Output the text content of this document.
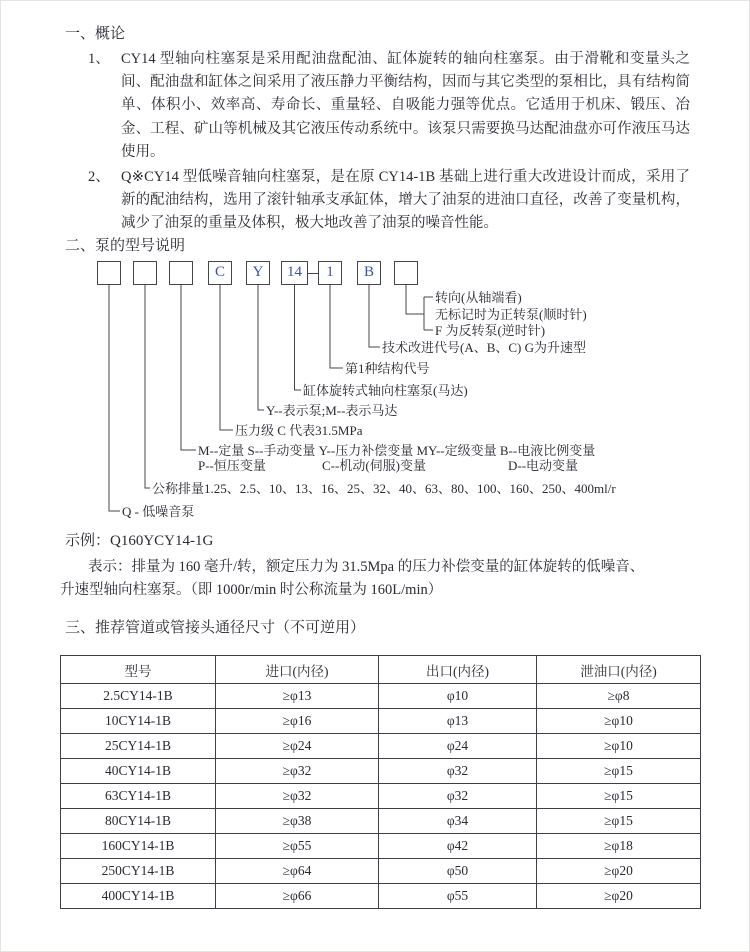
一、概论
1、 CY14 型轴向柱塞泵是采用配油盘配油、缸体旋转的轴向柱塞泵。由于滑靴和变量头之间、配油盘和缸体之间采用了液压静力平衡结构，因而与其它类型的泵相比，具有结构简单、体积小、效率高、寿命长、重量轻、自吸能力强等优点。它适用于机床、锻压、冶金、工程、矿山等机械及其它液压传动系统中。该泵只需要换马达配油盘亦可作液压马达使用。
2、 Q※CY14 型低噪音轴向柱塞泵，是在原 CY14-1B 基础上进行重大改进设计而成，采用了新的配油结构，选用了滚针轴承支承缸体，增大了油泵的进油口直径，改善了变量机构，减少了油泵的重量及体积，极大地改善了油泵的噪音性能。
二、泵的型号说明
C	Y	14	1	B
转向(从轴端看)
无标记时为正转泵(顺时针)
F 为反转泵(逆时针)
技术改进代号(A、B、C) G为升速型
第1种结构代号
缸体旋转式轴向柱塞泵(马达)
Y--表示泵;M--表示马达
压力级 C 代表31.5MPa
M--定量 S--手动变量 Y--压力补偿变量 MY--定级变量 B--电液比例变量
P--恒压变量	C--机动(伺服)变量	D--电动变量
公称排量1.25、2.5、10、13、16、25、32、40、63、80、100、160、250、400ml/r
Q - 低噪音泵
示例：Q160YCY14-1G
表示：排量为 160 毫升/转，额定压力为 31.5Mpa 的压力补偿变量的缸体旋转的低噪音、
升速型轴向柱塞泵。（即 1000r/min 时公称流量为 160L/min）
三、推荐管道或管接头通径尺寸（不可逆用）
型号	进口(内径)	出口(内径)	泄油口(内径)
2.5CY14-1B	≥φ13	φ10	≥φ8
10CY14-1B	≥φ16	φ13	≥φ10
25CY14-1B	≥φ24	φ24	≥φ10
40CY14-1B	≥φ32	φ32	≥φ15
63CY14-1B	≥φ32	φ32	≥φ15
80CY14-1B	≥φ38	φ34	≥φ15
160CY14-1B	≥φ55	φ42	≥φ18
250CY14-1B	≥φ64	φ50	≥φ20
400CY14-1B	≥φ66	φ55	≥φ20
